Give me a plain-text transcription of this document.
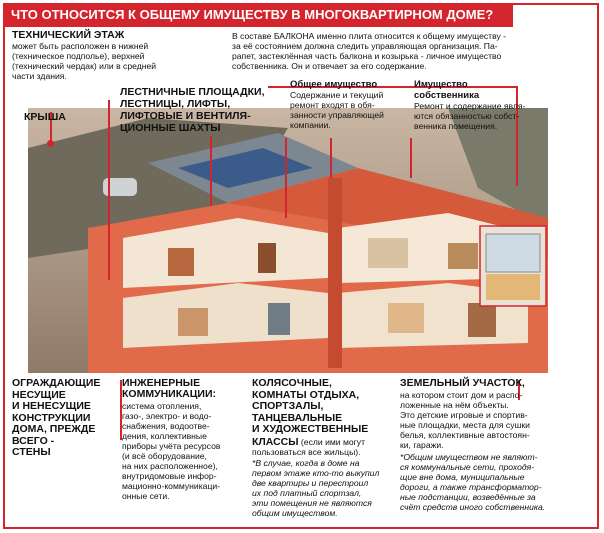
ЧТО ОТНОСИТСЯ К ОБЩЕМУ ИМУЩЕСТВУ В МНОГОКВАРТИРНОМ ДОМЕ?
ТЕХНИЧЕСКИЙ ЭТАЖ
может быть расположен в нижней
(техническое подполье), верхней
(технический чердак) или в средней
части здания.
В составе БАЛКОНА именно плита относится к общему имуществу -
за её состоянием должна следить управляющая организация. Па-
рапет, застеклённая часть балкона и козырька - личное имущество
собственника. Он и отвечает за его содержание.
КРЫША
ЛЕСТНИЧНЫЕ ПЛОЩАДКИ,
ЛЕСТНИЦЫ, ЛИФТЫ,
ЛИФТОВЫЕ И ВЕНТИЛЯ-
ЦИОННЫЕ ШАХТЫ
Общее имущество
Содержание и текущий
ремонт входят в обя-
занности управляющей
компании.
Имущество
собственника
Ремонт и содержание явля-
ются обязанностью собст-
венника помещения.
ОГРАЖДАЮЩИЕ
НЕСУЩИЕ
И НЕНЕСУЩИЕ
КОНСТРУКЦИИ
ДОМА, ПРЕЖДЕ
ВСЕГО -
СТЕНЫ
ИНЖЕНЕРНЫЕ
КОММУНИКАЦИИ:
система отопления,
газо-, электро- и водо-
снабжения, водоотве-
дения, коллективные
приборы учёта ресурсов
(и всё оборудование,
на них расположенное),
внутридомовые инфор-
мационно-коммуникаци-
онные сети.
КОЛЯСОЧНЫЕ,
КОМНАТЫ ОТДЫХА,
СПОРТЗАЛЫ,
ТАНЦЕВАЛЬНЫЕ
И ХУДОЖЕСТВЕННЫЕ
КЛАССЫ (если ими могут
пользоваться все жильцы).
*В случае, когда в доме на
первом этаже кто-то выкупил
две квартиры и перестроил
их под платный спортзал,
эти помещения не являются
общим имуществом.
ЗЕМЕЛЬНЫЙ УЧАСТОК,
на котором стоит дом и распо-
ложенные на нём объекты.
Это детские игровые и спортив-
ные площадки, места для сушки
белья, коллективные автостоян-
ки, гаражи.
*Общим имуществом не являют-
ся коммунальные сети, проходя-
щие вне дома, муниципальные
дороги, а также трансформатор-
ные подстанции, возведённые за
счёт средств иного собственника.
